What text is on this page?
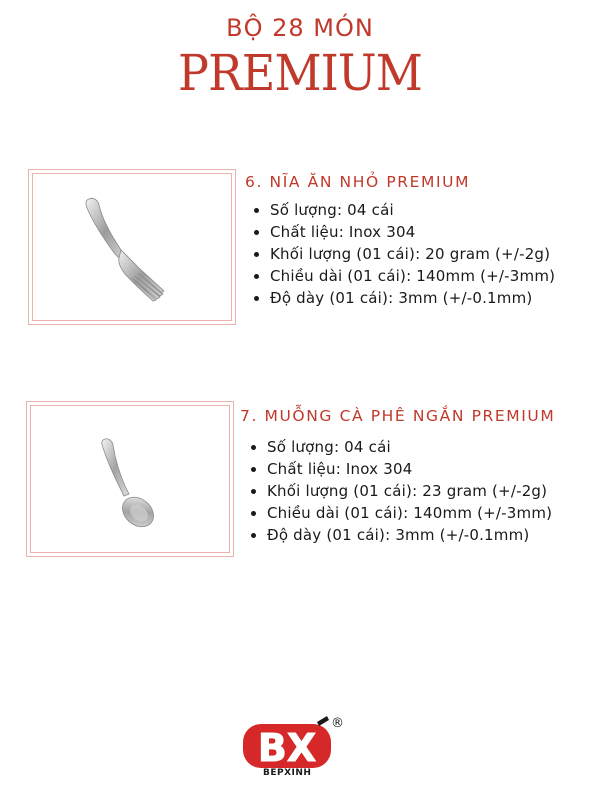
BỘ 28 MÓN
PREMIUM
6. NĨA ĂN NHỎ PREMIUM
• Số lượng: 04 cái
• Chất liệu: Inox 304
• Khối lượng (01 cái): 20 gram (+/-2g)
• Chiều dài (01 cái): 140mm (+/-3mm)
• Độ dày (01 cái): 3mm (+/-0.1mm)
7. MUỖNG CÀ PHÊ NGẮN PREMIUM
• Số lượng: 04 cái
• Chất liệu: Inox 304
• Khối lượng (01 cái): 23 gram (+/-2g)
• Chiều dài (01 cái): 140mm (+/-3mm)
• Độ dày (01 cái): 3mm (+/-0.1mm)
BX
®
BEPXINH
